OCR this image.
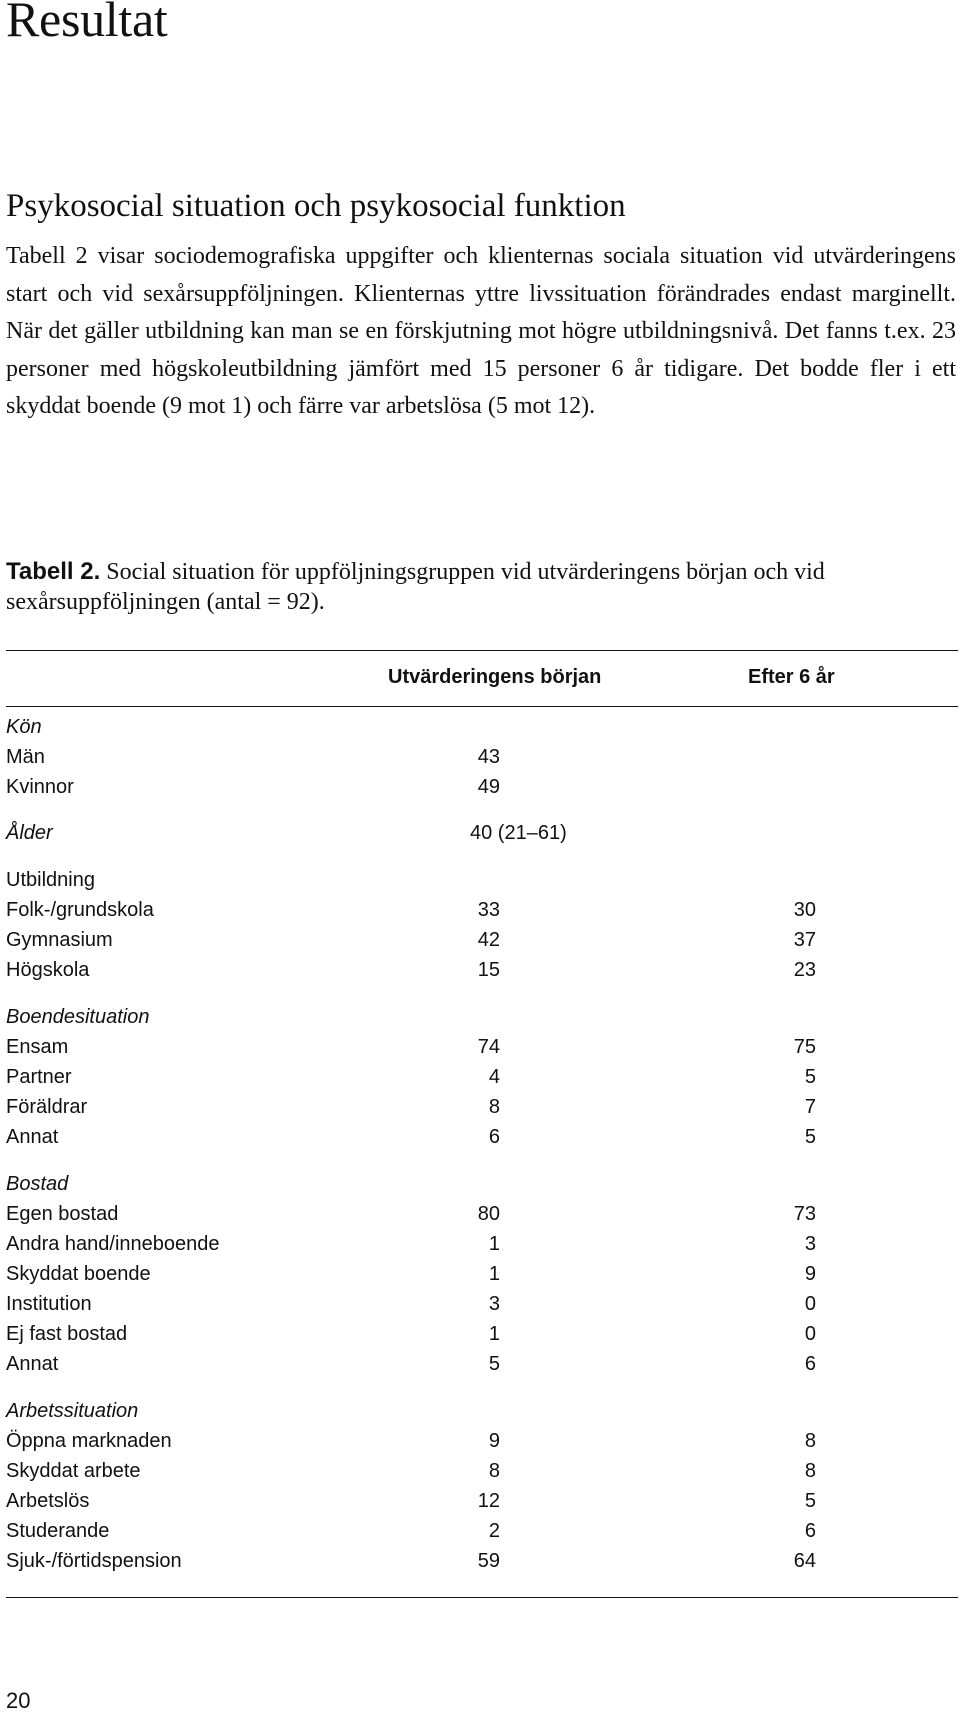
Resultat
Psykosocial situation och psykosocial funktion

Tabell 2 visar sociodemografiska uppgifter och klienternas sociala situation vid utvärderingens start och vid sexårsuppföljningen. Klienternas yttre livssituation förändrades endast marginellt. När det gäller utbildning kan man se en förskjutning mot högre utbildningsnivå. Det fanns t.ex. 23 personer med högskoleutbildning jämfört med 15 personer 6 år tidigare. Det bodde fler i ett skyddat boende (9 mot 1) och färre var arbetslösa (5 mot 12).

Tabell 2. Social situation för uppföljningsgruppen vid utvärderingens början och vid sexårsuppföljningen (antal = 92).

Utvärderingens början	Efter 6 år
Kön
Män	43
Kvinnor	49
Ålder	40 (21–61)
Utbildning
Folk-/grundskola	33	30
Gymnasium	42	37
Högskola	15	23
Boendesituation
Ensam	74	75
Partner	4	5
Föräldrar	8	7
Annat	6	5
Bostad
Egen bostad	80	73
Andra hand/inneboende	1	3
Skyddat boende	1	9
Institution	3	0
Ej fast bostad	1	0
Annat	5	6
Arbetssituation
Öppna marknaden	9	8
Skyddat arbete	8	8
Arbetslös	12	5
Studerande	2	6
Sjuk-/förtidspension	59	64
20
